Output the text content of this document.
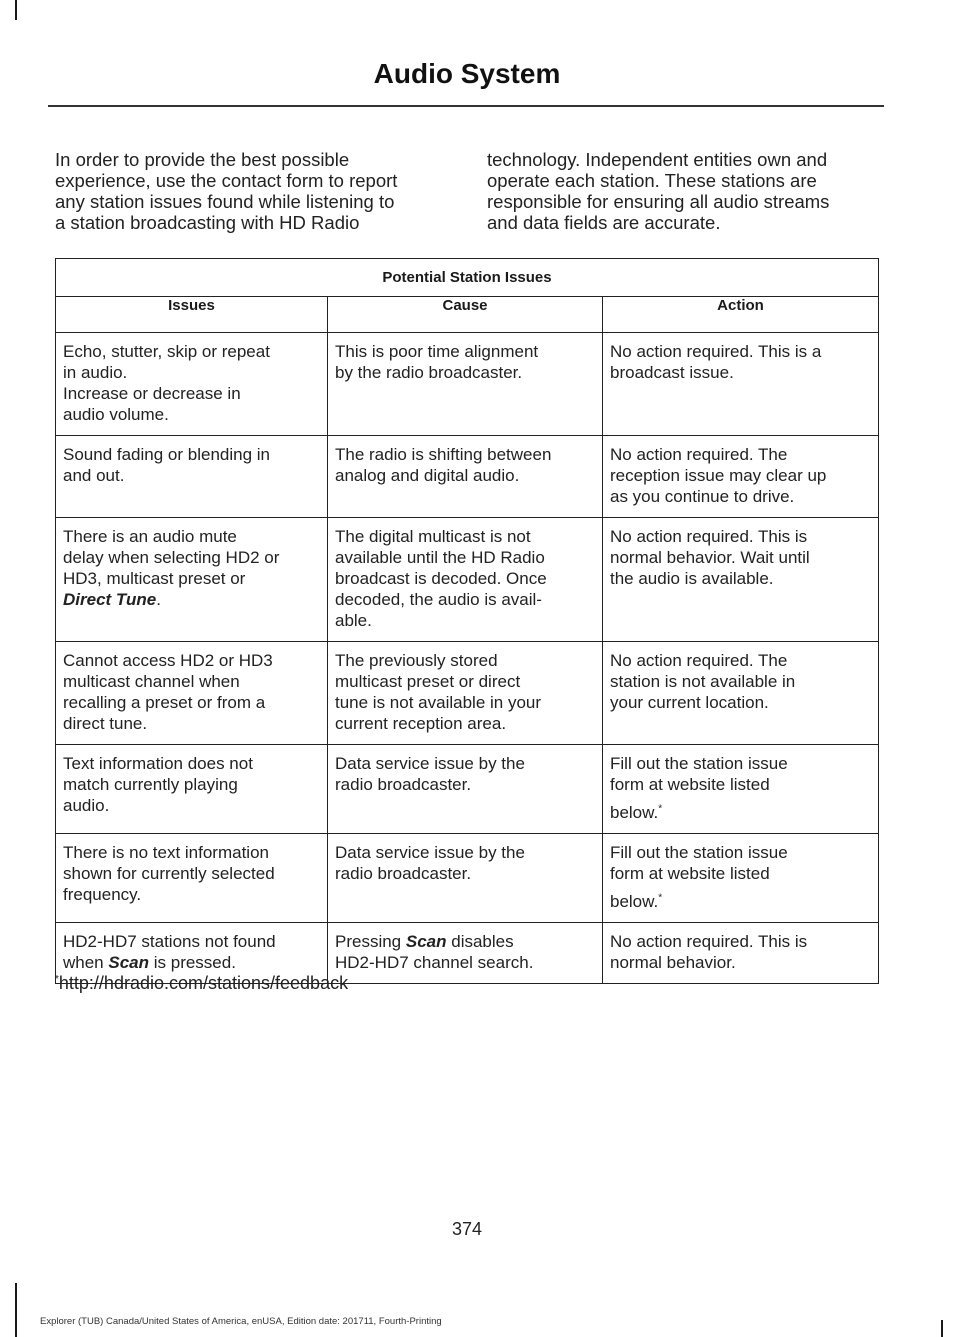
Audio System
In order to provide the best possible
experience, use the contact form to report
any station issues found while listening to
a station broadcasting with HD Radio
technology. Independent entities own and
operate each station. These stations are
responsible for ensuring all audio streams
and data fields are accurate.
Potential Station Issues		
Issues	Cause	Action

Echo, stutter, skip or repeat
in audio.
Increase or decrease in
audio volume.	This is poor time alignment
by the radio broadcaster.	No action required. This is a
broadcast issue.

Sound fading or blending in
and out.	The radio is shifting between
analog and digital audio.	No action required. The
reception issue may clear up
as you continue to drive.

There is an audio mute
delay when selecting HD2 or
HD3, multicast preset or
Direct Tune.	The digital multicast is not
available until the HD Radio
broadcast is decoded. Once
decoded, the audio is avail-
able.	No action required. This is
normal behavior. Wait until
the audio is available.

Cannot access HD2 or HD3
multicast channel when
recalling a preset or from a
direct tune.	The previously stored
multicast preset or direct
tune is not available in your
current reception area.	No action required. The
station is not available in
your current location.

Text information does not
match currently playing
audio.	Data service issue by the
radio broadcaster.	Fill out the station issue
form at website listed
below.*

There is no text information
shown for currently selected
frequency.	Data service issue by the
radio broadcaster.	Fill out the station issue
form at website listed
below.*

HD2-HD7 stations not found
when Scan is pressed.	Pressing Scan disables
HD2-HD7 channel search.	No action required. This is
normal behavior.
*http://hdradio.com/stations/feedback
374
Explorer (TUB) Canada/United States of America, enUSA, Edition date: 201711, Fourth-Printing
